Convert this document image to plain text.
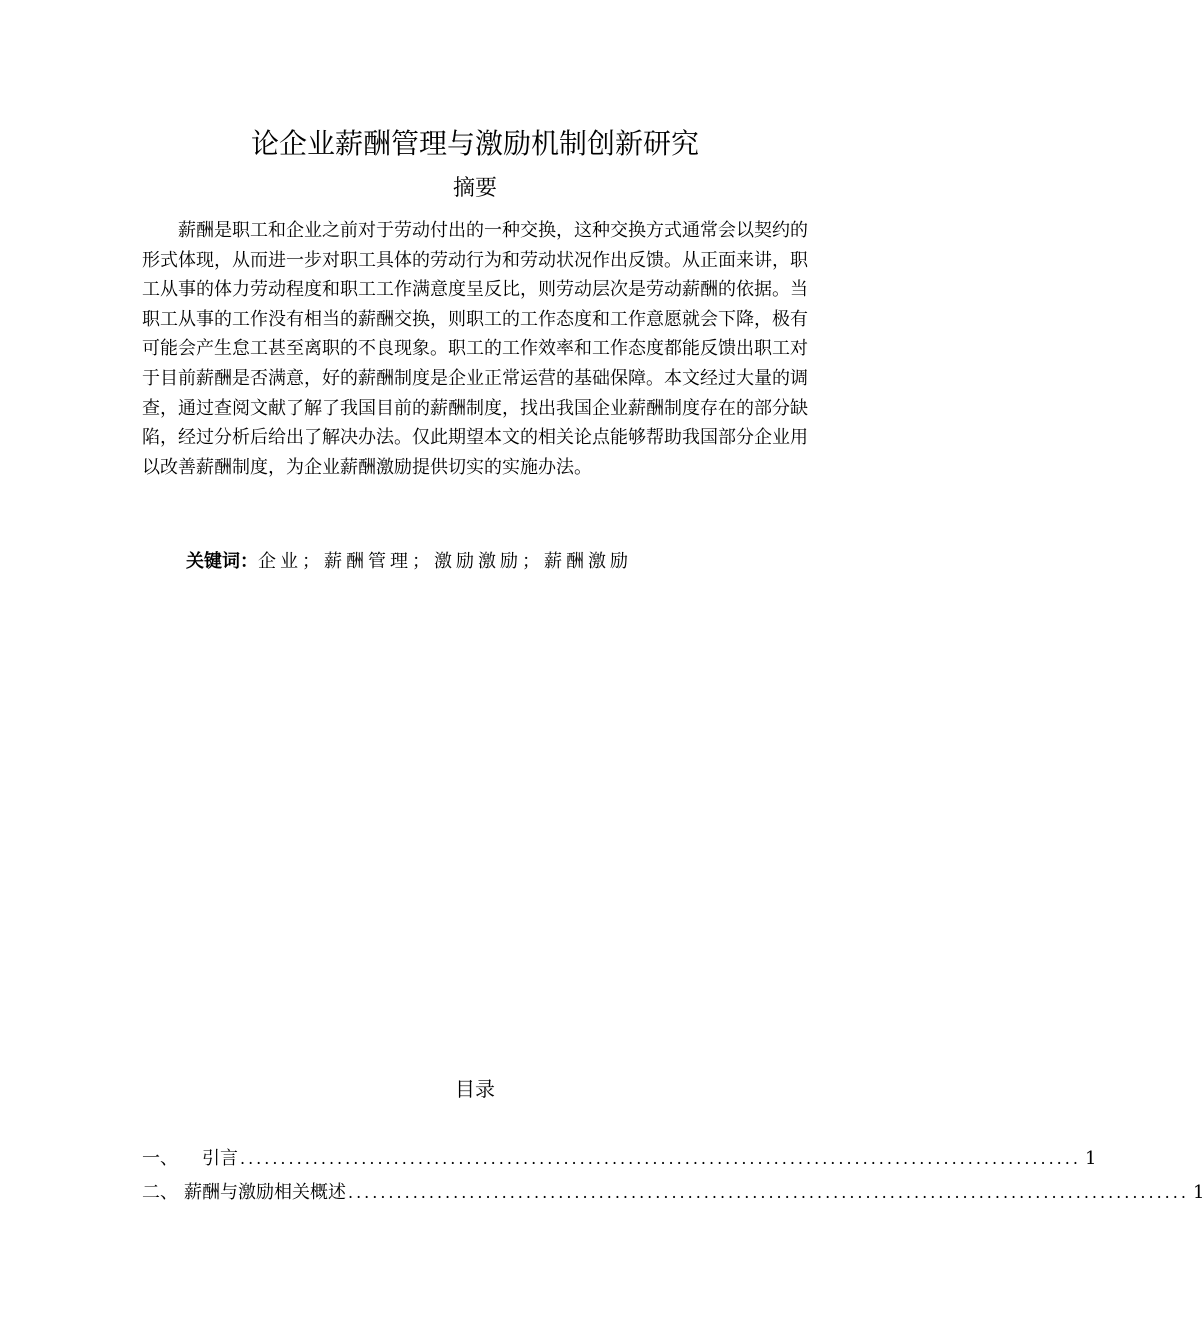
论企业薪酬管理与激励机制创新研究
摘要

薪酬是职工和企业之前对于劳动付出的一种交换，这种交换方式通常会以契约的形式体现，从而进一步对职工具体的劳动行为和劳动状况作出反馈。从正面来讲，职工从事的体力劳动程度和职工工作满意度呈反比，则劳动层次是劳动薪酬的依据。当职工从事的工作没有相当的薪酬交换，则职工的工作态度和工作意愿就会下降，极有可能会产生怠工甚至离职的不良现象。职工的工作效率和工作态度都能反馈出职工对于目前薪酬是否满意，好的薪酬制度是企业正常运营的基础保障。本文经过大量的调查，通过查阅文献了解了我国目前的薪酬制度，找出我国企业薪酬制度存在的部分缺陷，经过分析后给出了解决办法。仅此期望本文的相关论点能够帮助我国部分企业用以改善薪酬制度，为企业薪酬激励提供切实的实施办法。

关键词：企业；薪酬管理；激励激励；薪酬激励
目录
一、 引言 ........................................................................................................ 1
二、 薪酬与激励相关概述 ........................................................................................................ 1
